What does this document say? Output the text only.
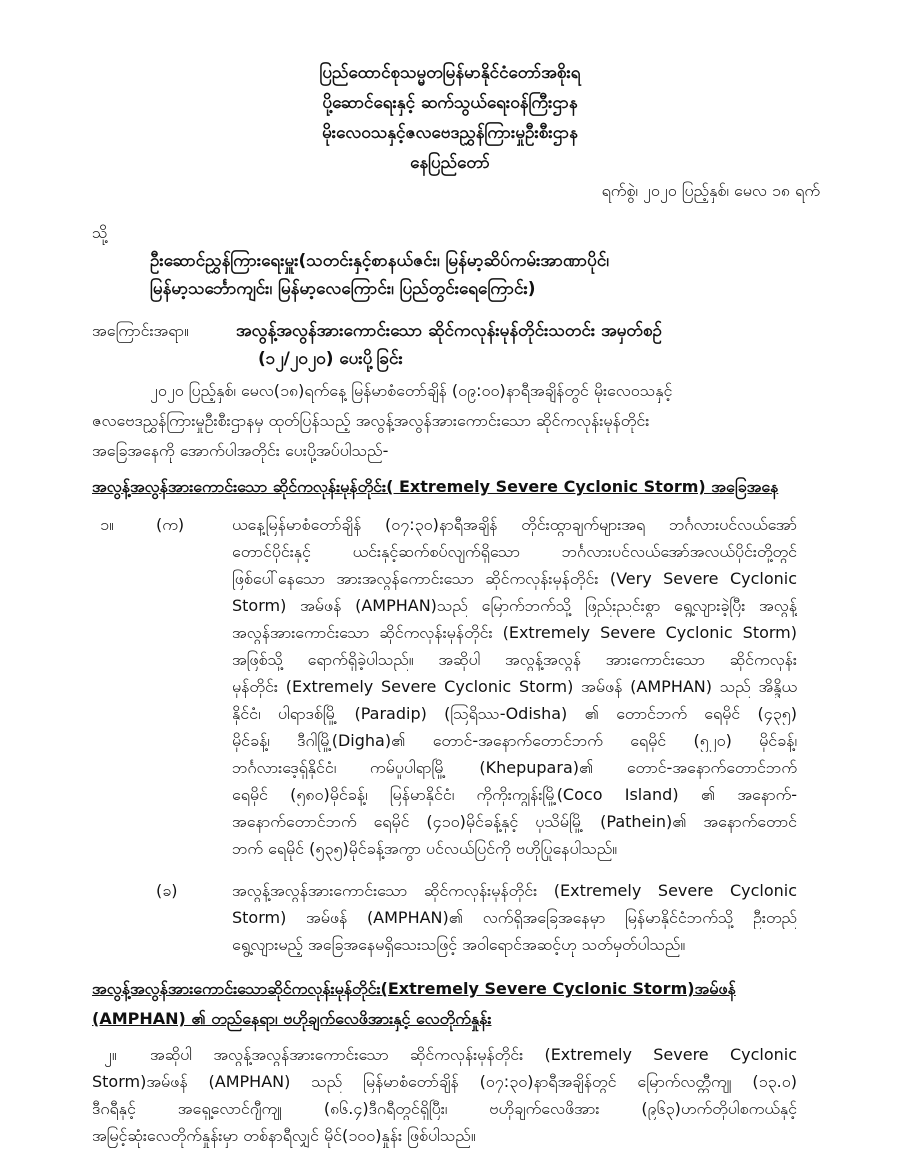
ပြည်ထောင်စုသမ္မတမြန်မာနိုင်ငံတော်အစိုးရ
ပို့ဆောင်ရေးနှင့် ဆက်သွယ်ရေးဝန်ကြီးဌာန
မိုးလေဝသနှင့်ဇလဗေဒညွှန်ကြားမှုဦးစီးဌာန
နေပြည်တော်
ရက်စွဲ၊ ၂၀၂၀ ပြည့်နှစ်၊ မေလ ၁၈ ရက်
သို့
ဦးဆောင်ညွှန်ကြားရေးမှူး(သတင်းနှင့်စာနယ်ဇင်း၊ မြန်မာ့ဆိပ်ကမ်းအာဏာပိုင်၊
မြန်မာ့သင်္ဘောကျင်း၊ မြန်မာ့လေကြောင်း၊ ပြည်တွင်းရေကြောင်း)
အကြောင်းအရာ။	အလွန့်အလွန်အားကောင်းသော ဆိုင်ကလုန်းမုန်တိုင်းသတင်း အမှတ်စဉ်
(၁၂/၂၀၂၀) ပေးပို့ခြင်း
၂၀၂၀ ပြည့်နှစ်၊ မေလ(၁၈)ရက်နေ့ မြန်မာစံတော်ချိန် (၀၉:၀၀)နာရီအချိန်တွင် မိုးလေဝသနှင့်
ဇလဗေဒညွှန်ကြားမှုဦးစီးဌာနမှ ထုတ်ပြန်သည့် အလွန့်အလွန်အားကောင်းသော ဆိုင်ကလုန်းမုန်တိုင်း
အခြေအနေကို အောက်ပါအတိုင်း ပေးပို့အပ်ပါသည်-
အလွန့်အလွန်အားကောင်းသော ဆိုင်ကလုန်းမုန်တိုင်း( Extremely Severe Cyclonic Storm) အခြေအနေ
၁။	(က)	ယနေ့မြန်မာစံတော်ချိန် (၀၇:၃၀)နာရီအချိန် တိုင်းထွာချက်များအရ ဘင်္ဂလားပင်လယ်အော်
တောင်ပိုင်းနှင့် ယင်းနှင့်ဆက်စပ်လျက်ရှိသော ဘင်္ဂလားပင်လယ်အော်အလယ်ပိုင်းတို့တွင်
ဖြစ်ပေါ်နေသော အားအလွန်ကောင်းသော ဆိုင်ကလုန်းမုန်တိုင်း (Very Severe Cyclonic
Storm) အမ်ဖန် (AMPHAN)သည် မြောက်ဘက်သို့ ဖြည်းညင်းစွာ ရွေ့လျားခဲ့ပြီး အလွန့်
အလွန်အားကောင်းသော ဆိုင်ကလုန်းမုန်တိုင်း (Extremely Severe Cyclonic Storm)
အဖြစ်သို့ ရောက်ရှိခဲ့ပါသည်။ အဆိုပါ အလွန့်အလွန် အားကောင်းသော ဆိုင်ကလုန်း
မုန်တိုင်း (Extremely Severe Cyclonic Storm) အမ်ဖန် (AMPHAN) သည် အိန္ဒိယ
နိုင်ငံ၊ ပါရာဒစ်မြို့ (Paradip) (ဩရိဿ-Odisha) ၏ တောင်ဘက် ရေမိုင် (၄၃၅)
မိုင်ခန့်၊ ဒီဂါမြို့(Digha)၏ တောင်-အနောက်တောင်ဘက် ရေမိုင် (၅၂၀) မိုင်ခန့်၊
ဘင်္ဂလားဒေ့ရှ်နိုင်ငံ၊ ကမ်ပူပါရာမြို့ (Khepupara)၏ တောင်-အနောက်တောင်ဘက်
ရေမိုင် (၅၈၀)မိုင်ခန့်၊ မြန်မာနိုင်ငံ၊ ကိုကိုးကျွန်းမြို့(Coco Island) ၏ အနောက်-
အနောက်တောင်ဘက် ရေမိုင် (၄၁၀)မိုင်ခန့်နှင့် ပုသိမ်မြို့ (Pathein)၏ အနောက်တောင်
ဘက် ရေမိုင် (၅၃၅)မိုင်ခန့်အကွာ ပင်လယ်ပြင်ကို ဗဟိုပြုနေပါသည်။
(ခ)	အလွန့်အလွန်အားကောင်းသော ဆိုင်ကလုန်းမုန်တိုင်း (Extremely Severe Cyclonic
Storm) အမ်ဖန် (AMPHAN)၏ လက်ရှိအခြေအနေမှာ မြန်မာနိုင်ငံဘက်သို့ ဦးတည်
ရွေ့လျားမည့် အခြေအနေမရှိသေးသဖြင့် အဝါရောင်အဆင့်ဟု သတ်မှတ်ပါသည်။
အလွန့်အလွန်အားကောင်းသောဆိုင်ကလုန်းမုန်တိုင်း(Extremely Severe Cyclonic Storm)အမ်ဖန်
(AMPHAN) ၏ တည်နေရာ၊ ဗဟိုချက်လေဖိအားနှင့် လေတိုက်နှုန်း
၂။ အဆိုပါ အလွန့်အလွန်အားကောင်းသော ဆိုင်ကလုန်းမုန်တိုင်း (Extremely Severe Cyclonic
Storm)အမ်ဖန် (AMPHAN) သည် မြန်မာစံတော်ချိန် (၀၇:၃၀)နာရီအချိန်တွင် မြောက်လတ္တီကျု (၁၃.၀)
ဒီဂရီနှင့် အရှေ့လောင်ဂျီကျု (၈၆.၄)ဒီဂရီတွင်ရှိပြီး၊ ဗဟိုချက်လေဖိအား (၉၆၃)ဟက်တိုပါစကယ်နှင့်
အမြင့်ဆုံးလေတိုက်နှုန်းမှာ တစ်နာရီလျှင် မိုင်(၁၀၀)နှုန်း ဖြစ်ပါသည်။
